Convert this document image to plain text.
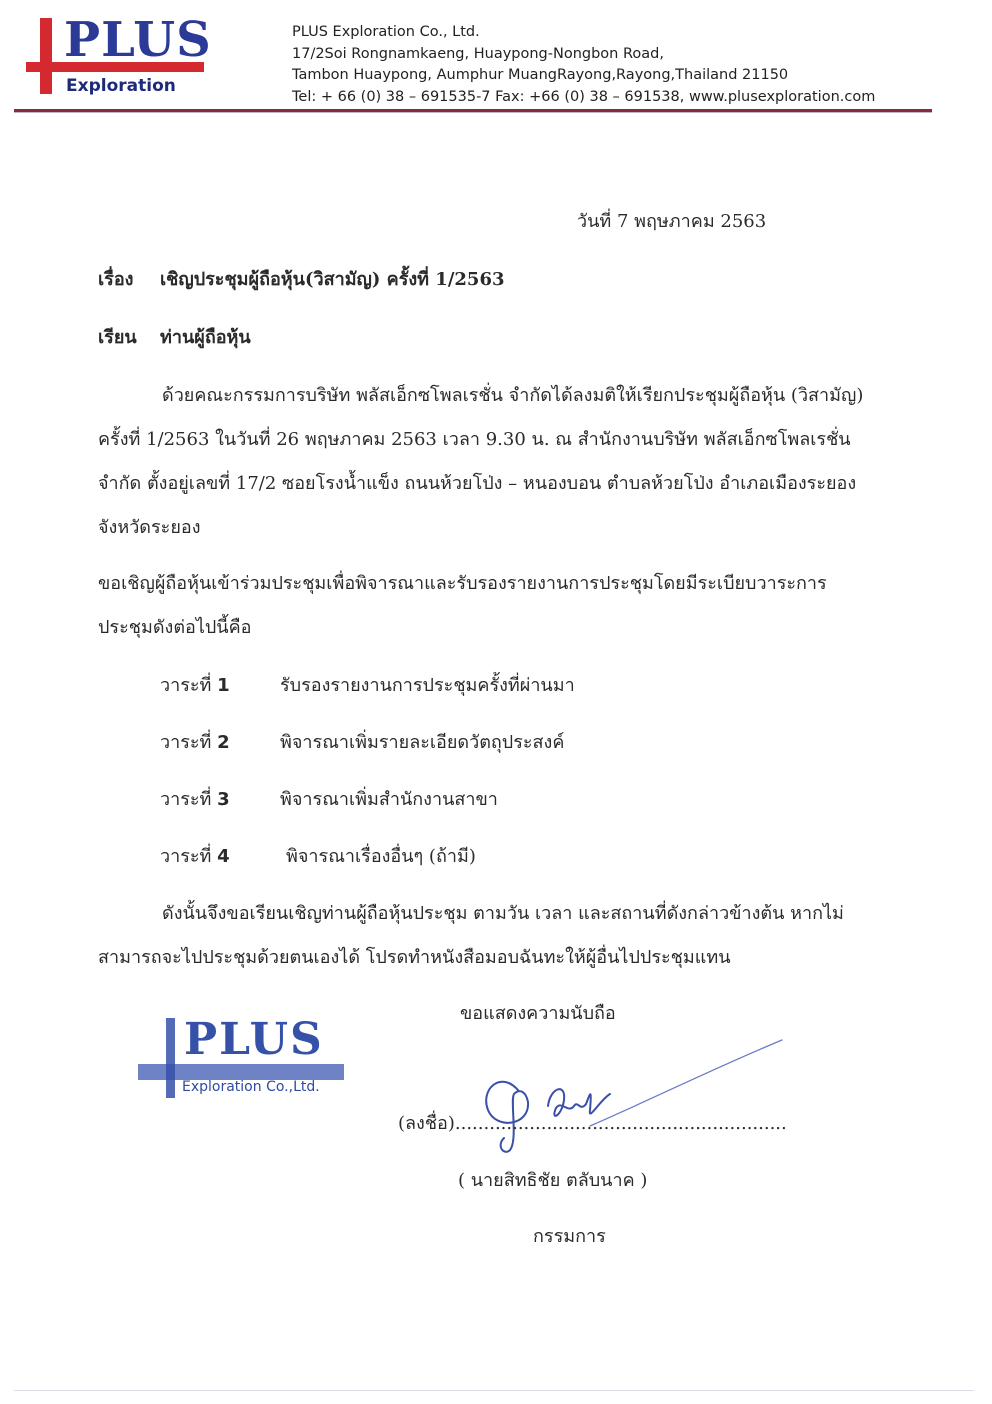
PLUS
Exploration
PLUS Exploration Co., Ltd.
17/2Soi Rongnamkaeng, Huaypong-Nongbon Road,
Tambon Huaypong, Aumphur MuangRayong,Rayong,Thailand 21150
Tel: + 66 (0) 38 – 691535-7 Fax: +66 (0) 38 – 691538, www.plusexploration.com
วันที่ 7 พฤษภาคม 2563
เรื่อง เชิญประชุมผู้ถือหุ้น(วิสามัญ) ครั้งที่ 1/2563
เรียน ท่านผู้ถือหุ้น
ด้วยคณะกรรมการบริษัท พลัสเอ็กซโพลเรชั่น จำกัดได้ลงมติให้เรียกประชุมผู้ถือหุ้น (วิสามัญ)
ครั้งที่ 1/2563 ในวันที่ 26 พฤษภาคม 2563 เวลา 9.30 น. ณ สำนักงานบริษัท พลัสเอ็กซโพลเรชั่น
จำกัด ตั้งอยู่เลขที่ 17/2 ซอยโรงน้ำแข็ง ถนนห้วยโป่ง – หนองบอน ตำบลห้วยโป่ง อำเภอเมืองระยอง
จังหวัดระยอง
ขอเชิญผู้ถือหุ้นเข้าร่วมประชุมเพื่อพิจารณาและรับรองรายงานการประชุมโดยมีระเบียบวาระการ
ประชุมดังต่อไปนี้คือ
วาระที่ 1	รับรองรายงานการประชุมครั้งที่ผ่านมา
วาระที่ 2	พิจารณาเพิ่มรายละเอียดวัตถุประสงค์
วาระที่ 3	พิจารณาเพิ่มสำนักงานสาขา
วาระที่ 4	พิจารณาเรื่องอื่นๆ (ถ้ามี)
ดังนั้นจึงขอเรียนเชิญท่านผู้ถือหุ้นประชุม ตามวัน เวลา และสถานที่ดังกล่าวข้างต้น หากไม่
สามารถจะไปประชุมด้วยตนเองได้ โปรดทำหนังสือมอบฉันทะให้ผู้อื่นไปประชุมแทน
ขอแสดงความนับถือ
PLUS
Exploration Co.,Ltd.
(ลงชื่อ)..........................................................
( นายสิทธิชัย ตลับนาค )
กรรมการ
